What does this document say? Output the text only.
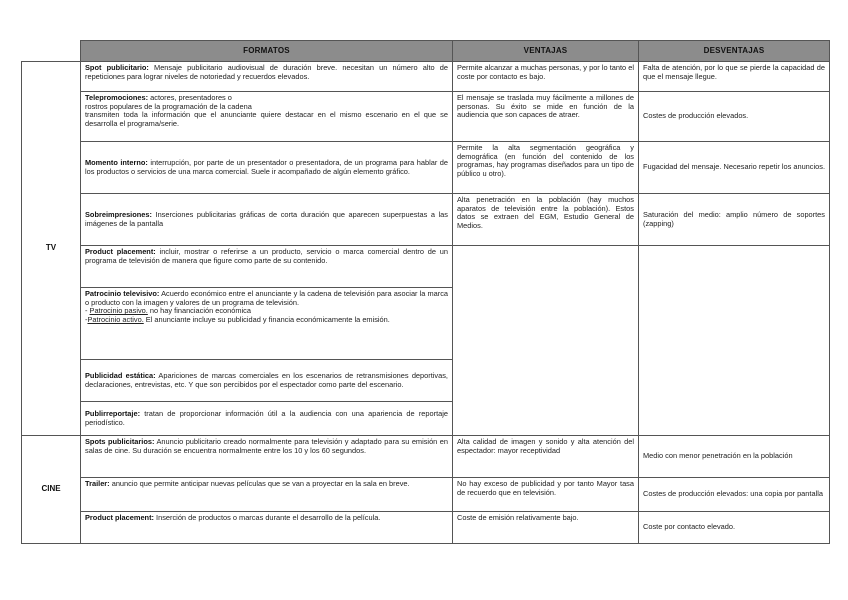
	FORMATOS	VENTAJAS	DESVENTAJAS
TV	Spot publicitario: Mensaje publicitario audiovisual de duración breve. necesitan un número alto de repeticiones para lograr niveles de notoriedad y recuerdos elevados.	Permite alcanzar a muchas personas, y por lo tanto el coste por contacto es bajo.	Falta de atención, por lo que se pierde la capacidad de que el mensaje llegue.
	Telepromociones: actores, presentadores o
rostros populares de la programación de la cadena
transmiten toda la información que el anunciante quiere destacar en el mismo escenario en el que se desarrolla el programa/serie.	El mensaje se traslada muy fácilmente a millones de personas. Su éxito se mide en función de la audiencia que son capaces de atraer.	Costes de producción elevados.
	Momento interno: interrupción, por parte de un presentador o presentadora, de un programa para hablar de los productos o servicios de una marca comercial. Suele ir acompañado de algún elemento gráfico.	Permite la alta segmentación geográfica y demográfica (en función del contenido de los programas, hay programas diseñados para un tipo de público u otro).	Fugacidad del mensaje. Necesario repetir los anuncios.
	Sobreimpresiones: Inserciones publicitarias gráficas de corta duración que aparecen superpuestas a las imágenes de la pantalla	Alta penetración en la población (hay muchos aparatos de televisión entre la población). Estos datos se extraen del EGM, Estudio General de Medios.	Saturación del medio: amplio número de soportes (zapping)
	Product placement: incluir, mostrar o referirse a un producto, servicio o marca comercial dentro de un programa de televisión de manera que figure como parte de su contenido.		
	Patrocinio televisivo: Acuerdo económico entre el anunciante y la cadena de televisión para asociar la marca o producto con la imagen y valores de un programa de televisión.
- Patrocinio pasivo. no hay financiación económica
-Patrocinio activo. El anunciante incluye su publicidad y financia económicamente la emisión.		

	Publicidad estática: Apariciones de marcas comerciales en los escenarios de retransmisiones deportivas, declaraciones, entrevistas, etc. Y que son percibidos por el espectador como parte del escenario.		
	Publirreportaje: tratan de proporcionar información útil a la audiencia con una apariencia de reportaje periodístico.		
CINE	Spots publicitarios: Anuncio publicitario creado normalmente para televisión y adaptado para su emisión en salas de cine. Su duración se encuentra normalmente entre los 10 y los 60 segundos.	Alta calidad de imagen y sonido y alta atención del espectador: mayor receptividad	Medio con menor penetración en la población
	Trailer: anuncio que permite anticipar nuevas películas que se van a proyectar en la sala en breve.	No hay exceso de publicidad y por tanto Mayor tasa de recuerdo que en televisión.	Costes de producción elevados: una copia por pantalla
	Product placement: Inserción de productos o marcas durante el desarrollo de la película.	Coste de emisión relativamente bajo.	Coste por contacto elevado.
